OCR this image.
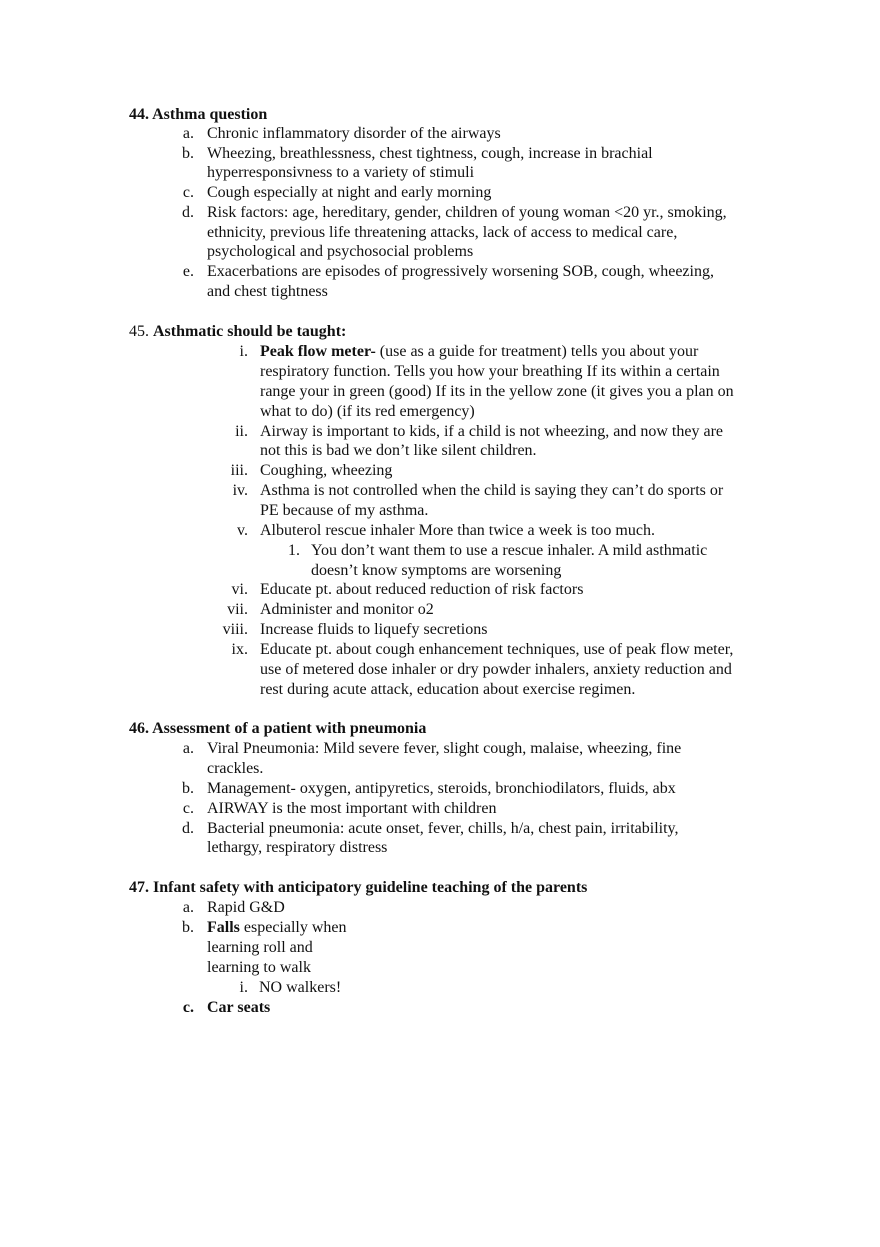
44. Asthma question
a. Chronic inflammatory disorder of the airways
b. Wheezing, breathlessness, chest tightness, cough, increase in brachial
hyperresponsivness to a variety of stimuli
c. Cough especially at night and early morning
d. Risk factors: age, hereditary, gender, children of young woman <20 yr., smoking,
ethnicity, previous life threatening attacks, lack of access to medical care,
psychological and psychosocial problems
e. Exacerbations are episodes of progressively worsening SOB, cough, wheezing,
and chest tightness
45. Asthmatic should be taught:
i. Peak flow meter- (use as a guide for treatment) tells you about your
respiratory function. Tells you how your breathing If its within a certain
range your in green (good) If its in the yellow zone (it gives you a plan on
what to do) (if its red emergency)
ii. Airway is important to kids, if a child is not wheezing, and now they are
not this is bad we don’t like silent children.
iii. Coughing, wheezing
iv. Asthma is not controlled when the child is saying they can’t do sports or
PE because of my asthma.
v. Albuterol rescue inhaler More than twice a week is too much.
1. You don’t want them to use a rescue inhaler. A mild asthmatic
doesn’t know symptoms are worsening
vi. Educate pt. about reduced reduction of risk factors
vii. Administer and monitor o2
viii. Increase fluids to liquefy secretions
ix. Educate pt. about cough enhancement techniques, use of peak flow meter,
use of metered dose inhaler or dry powder inhalers, anxiety reduction and
rest during acute attack, education about exercise regimen.
46. Assessment of a patient with pneumonia
a. Viral Pneumonia: Mild severe fever, slight cough, malaise, wheezing, fine
crackles.
b. Management- oxygen, antipyretics, steroids, bronchiodilators, fluids, abx
c. AIRWAY is the most important with children
d. Bacterial pneumonia: acute onset, fever, chills, h/a, chest pain, irritability,
lethargy, respiratory distress
47. Infant safety with anticipatory guideline teaching of the parents
a. Rapid G&D
b. Falls especially when
learning roll and
learning to walk
i. NO walkers!
c. Car seats
